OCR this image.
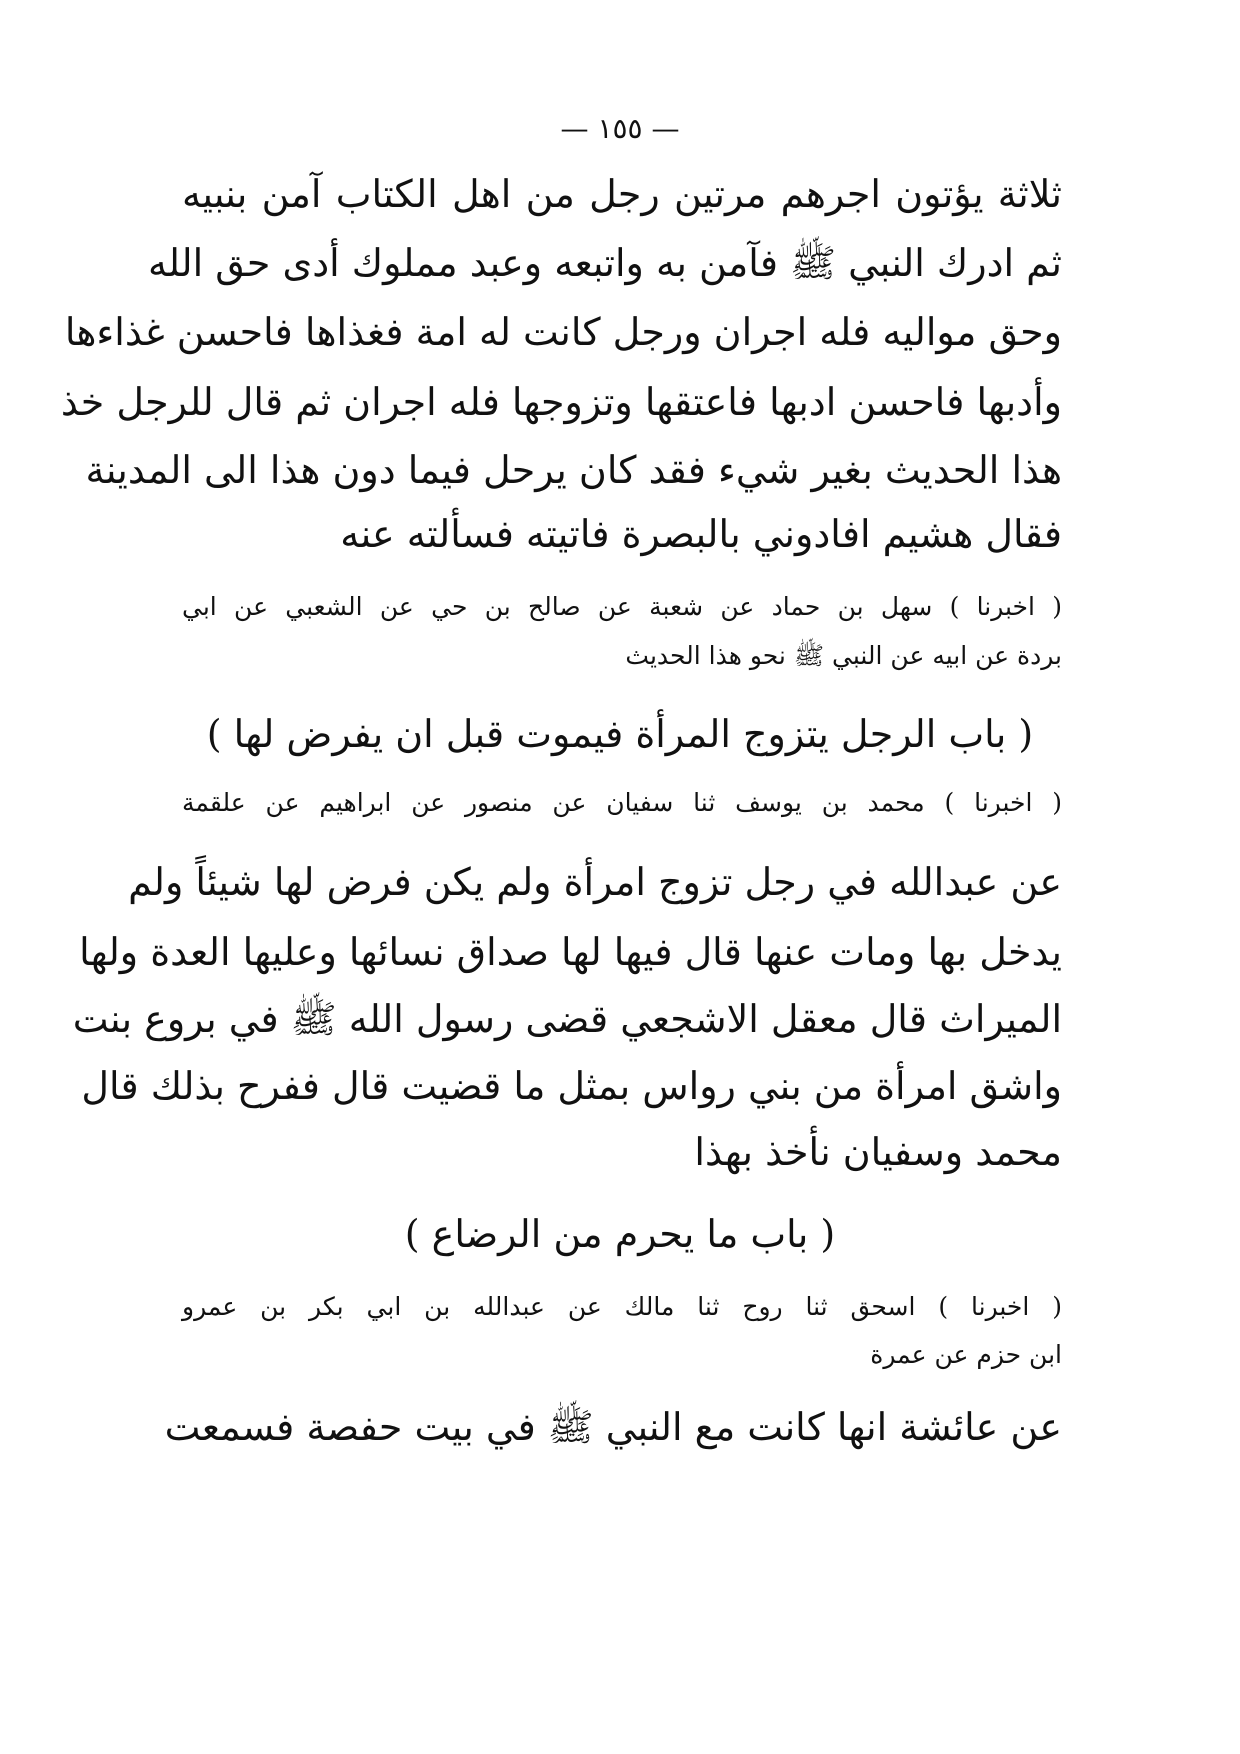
— ١٥٥ —
ثلاثة يؤتون اجرهم مرتين رجل من اهل الكتاب آمن بنبيه
ثم ادرك النبي ﷺ فآمن به واتبعه وعبد مملوك أدى حق الله
وحق مواليه فله اجران ورجل كانت له امة فغذاها فاحسن غذاءها
وأدبها فاحسن ادبها فاعتقها وتزوجها فله اجران ثم قال للرجل خذ
هذا الحديث بغير شيء فقد كان يرحل فيما دون هذا الى المدينة
فقال هشيم افادوني بالبصرة فاتيته فسألته عنه
( اخبرنا ) سهل بن حماد عن شعبة عن صالح بن حي عن الشعبي عن ابي
بردة عن ابيه عن النبي ﷺ نحو هذا الحديث
( باب الرجل يتزوج المرأة فيموت قبل ان يفرض لها )
( اخبرنا ) محمد بن يوسف ثنا سفيان عن منصور عن ابراهيم عن علقمة
عن عبدالله في رجل تزوج امرأة ولم يكن فرض لها شيئاً ولم
يدخل بها ومات عنها قال فيها لها صداق نسائها وعليها العدة ولها
الميراث قال معقل الاشجعي قضى رسول الله ﷺ في بروع بنت
واشق امرأة من بني رواس بمثل ما قضيت قال ففرح بذلك قال
محمد وسفيان نأخذ بهذا
( باب ما يحرم من الرضاع )
( اخبرنا ) اسحق ثنا روح ثنا مالك عن عبدالله بن ابي بكر بن عمرو
ابن حزم عن عمرة
عن عائشة انها كانت مع النبي ﷺ في بيت حفصة فسمعت
